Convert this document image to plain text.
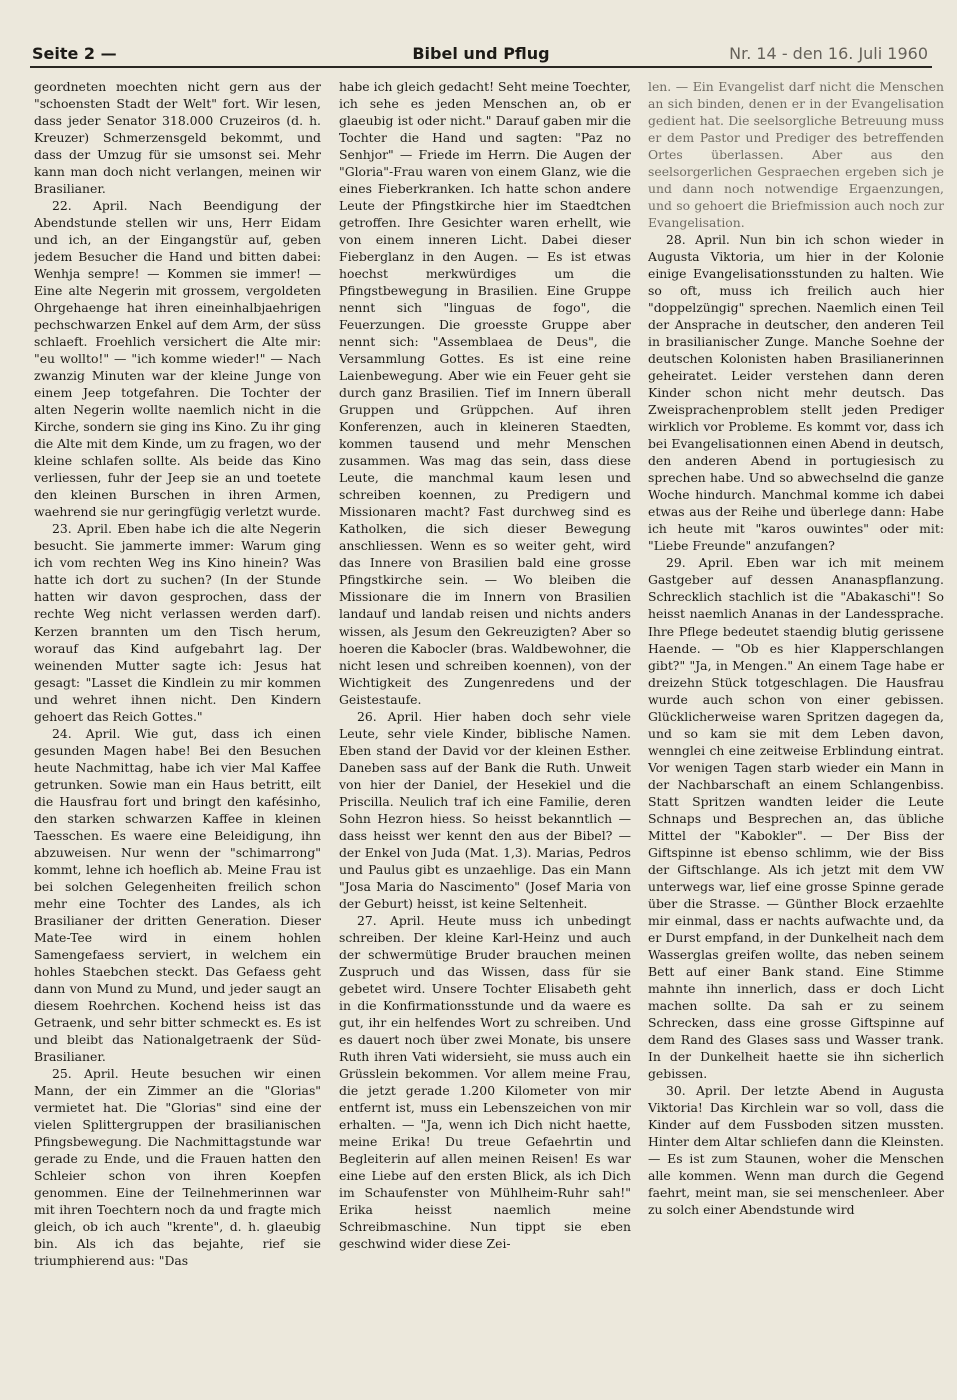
Seite 2 —	Bibel und Pflug	Nr. 14 - den 16. Juli 1960

geordneten moechten nicht gern aus der "schoensten Stadt der Welt" fort. Wir lesen, dass jeder Senator 318.000 Cruzeiros (d. h. Kreuzer) Schmerzensgeld bekommt, und dass der Umzug für sie umsonst sei. Mehr kann man doch nicht verlangen, meinen wir Brasilianer.

22. April. Nach Beendigung der Abendstunde stellen wir uns, Herr Eidam und ich, an der Eingangstür auf, geben jedem Besucher die Hand und bitten dabei: Wenhja sempre! — Kommen sie immer! — Eine alte Negerin mit grossem, vergoldeten Ohrgehaenge hat ihren eineinhalbjaehrigen pechschwarzen Enkel auf dem Arm, der süss schlaeft. Froehlich versichert die Alte mir: "eu wollto!" — "ich komme wieder!" — Nach zwanzig Minuten war der kleine Junge von einem Jeep totgefahren. Die Tochter der alten Negerin wollte naemlich nicht in die Kirche, sondern sie ging ins Kino. Zu ihr ging die Alte mit dem Kinde, um zu fragen, wo der kleine schlafen sollte. Als beide das Kino verliessen, fuhr der Jeep sie an und toetete den kleinen Burschen in ihren Armen, waehrend sie nur geringfügig verletzt wurde.

23. April. Eben habe ich die alte Negerin besucht. Sie jammerte immer: Warum ging ich vom rechten Weg ins Kino hinein? Was hatte ich dort zu suchen? (In der Stunde hatten wir davon gesprochen, dass der rechte Weg nicht verlassen werden darf). Kerzen brannten um den Tisch herum, worauf das Kind aufgebahrt lag. Der weinenden Mutter sagte ich: Jesus hat gesagt: "Lasset die Kindlein zu mir kommen und wehret ihnen nicht. Den Kindern gehoert das Reich Gottes."

24. April. Wie gut, dass ich einen gesunden Magen habe! Bei den Besuchen heute Nachmittag, habe ich vier Mal Kaffee getrunken. Sowie man ein Haus betritt, eilt die Hausfrau fort und bringt den kafésinho, den starken schwarzen Kaffee in kleinen Taesschen. Es waere eine Beleidigung, ihn abzuweisen. Nur wenn der "schimarrong" kommt, lehne ich hoeflich ab. Meine Frau ist bei solchen Gelegenheiten freilich schon mehr eine Tochter des Landes, als ich Brasilianer der dritten Generation. Dieser Mate-Tee wird in einem hohlen Samengefaess serviert, in welchem ein hohles Staebchen steckt. Das Gefaess geht dann von Mund zu Mund, und jeder saugt an diesem Roehrchen. Kochend heiss ist das Getraenk, und sehr bitter schmeckt es. Es ist und bleibt das Nationalgetraenk der Süd-Brasilianer.

25. April. Heute besuchen wir einen Mann, der ein Zimmer an die "Glorias" vermietet hat. Die "Glorias" sind eine der vielen Splittergruppen der brasilianischen Pfingsbewegung. Die Nachmittagstunde war gerade zu Ende, und die Frauen hatten den Schleier schon von ihren Koepfen genommen. Eine der Teilnehmerinnen war mit ihren Toechtern noch da und fragte mich gleich, ob ich auch "krente", d. h. glaeubig bin. Als ich das bejahte, rief sie triumphierend aus: "Das

habe ich gleich gedacht! Seht meine Toechter, ich sehe es jeden Menschen an, ob er glaeubig ist oder nicht." Darauf gaben mir die Tochter die Hand und sagten: "Paz no Senhjor" — Friede im Herrn. Die Augen der "Gloria"-Frau waren von einem Glanz, wie die eines Fieberkranken. Ich hatte schon andere Leute der Pfingstkirche hier im Staedtchen getroffen. Ihre Gesichter waren erhellt, wie von einem inneren Licht. Dabei dieser Fieberglanz in den Augen. — Es ist etwas hoechst merkwürdiges um die Pfingstbewegung in Brasilien. Eine Gruppe nennt sich "linguas de fogo", die Feuerzungen. Die groesste Gruppe aber nennt sich: "Assemblaea de Deus", die Versammlung Gottes. Es ist eine reine Laienbewegung. Aber wie ein Feuer geht sie durch ganz Brasilien. Tief im Innern überall Gruppen und Grüppchen. Auf ihren Konferenzen, auch in kleineren Staedten, kommen tausend und mehr Menschen zusammen. Was mag das sein, dass diese Leute, die manchmal kaum lesen und schreiben koennen, zu Predigern und Missionaren macht? Fast durchweg sind es Katholken, die sich dieser Bewegung anschliessen. Wenn es so weiter geht, wird das Innere von Brasilien bald eine grosse Pfingstkirche sein. — Wo bleiben die Missionare die im Innern von Brasilien landauf und landab reisen und nichts anders wissen, als Jesum den Gekreuzigten? Aber so hoeren die Kabocler (bras. Waldbewohner, die nicht lesen und schreiben koennen), von der Wichtigkeit des Zungenredens und der Geistestaufe.

26. April. Hier haben doch sehr viele Leute, sehr viele Kinder, biblische Namen. Eben stand der David vor der kleinen Esther. Daneben sass auf der Bank die Ruth. Unweit von hier der Daniel, der Hesekiel und die Priscilla. Neulich traf ich eine Familie, deren Sohn Hezron hiess. So heisst bekanntlich — dass heisst wer kennt den aus der Bibel? — der Enkel von Juda (Mat. 1,3). Marias, Pedros und Paulus gibt es unzaehlige. Das ein Mann "Josa Maria do Nascimento" (Josef Maria von der Geburt) heisst, ist keine Seltenheit.

27. April. Heute muss ich unbedingt schreiben. Der kleine Karl-Heinz und auch der schwermütige Bruder brauchen meinen Zuspruch und das Wissen, dass für sie gebetet wird. Unsere Tochter Elisabeth geht in die Konfirmationsstunde und da waere es gut, ihr ein helfendes Wort zu schreiben. Und es dauert noch über zwei Monate, bis unsere Ruth ihren Vati widersieht, sie muss auch ein Grüsslein bekommen. Vor allem meine Frau, die jetzt gerade 1.200 Kilometer von mir entfernt ist, muss ein Lebenszeichen von mir erhalten. — "Ja, wenn ich Dich nicht haette, meine Erika! Du treue Gefaehrtin und Begleiterin auf allen meinen Reisen! Es war eine Liebe auf den ersten Blick, als ich Dich im Schaufenster von Mühlheim-Ruhr sah!" Erika heisst naemlich meine Schreibmaschine. Nun tippt sie eben geschwind wider diese Zei-

len. — Ein Evangelist darf nicht die Menschen an sich binden, denen er in der Evangelisation gedient hat. Die seelsorgliche Betreuung muss er dem Pastor und Prediger des betreffenden Ortes überlassen. Aber aus den seelsorgerlichen Gespraechen ergeben sich je und dann noch notwendige Ergaenzungen, und so gehoert die Briefmission auch noch zur Evangelisation.

28. April. Nun bin ich schon wieder in Augusta Viktoria, um hier in der Kolonie einige Evangelisationsstunden zu halten. Wie so oft, muss ich freilich auch hier "doppelzüngig" sprechen. Naemlich einen Teil der Ansprache in deutscher, den anderen Teil in brasilianischer Zunge. Manche Soehne der deutschen Kolonisten haben Brasilianerinnen geheiratet. Leider verstehen dann deren Kinder schon nicht mehr deutsch. Das Zweisprachenproblem stellt jeden Prediger wirklich vor Probleme. Es kommt vor, dass ich bei Evangelisationnen einen Abend in deutsch, den anderen Abend in portugiesisch zu sprechen habe. Und so abwechselnd die ganze Woche hindurch. Manchmal komme ich dabei etwas aus der Reihe und überlege dann: Habe ich heute mit "karos ouwintes" oder mit: "Liebe Freunde" anzufangen?

29. April. Eben war ich mit meinem Gastgeber auf dessen Ananaspflanzung. Schrecklich stachlich ist die "Abakaschi"! So heisst naemlich Ananas in der Landessprache. Ihre Pflege bedeutet staendig blutig gerissene Haende. — "Ob es hier Klapperschlangen gibt?" "Ja, in Mengen." An einem Tage habe er dreizehn Stück totgeschlagen. Die Hausfrau wurde auch schon von einer gebissen. Glücklicherweise waren Spritzen dagegen da, und so kam sie mit dem Leben davon, wennglei ch eine zeitweise Erblindung eintrat. Vor wenigen Tagen starb wieder ein Mann in der Nachbarschaft an einem Schlangenbiss. Statt Spritzen wandten leider die Leute Schnaps und Besprechen an, das übliche Mittel der "Kabokler". — Der Biss der Giftspinne ist ebenso schlimm, wie der Biss der Giftschlange. Als ich jetzt mit dem VW unterwegs war, lief eine grosse Spinne gerade über die Strasse. — Günther Block erzaehlte mir einmal, dass er nachts aufwachte und, da er Durst empfand, in der Dunkelheit nach dem Wasserglas greifen wollte, das neben seinem Bett auf einer Bank stand. Eine Stimme mahnte ihn innerlich, dass er doch Licht machen sollte. Da sah er zu seinem Schrecken, dass eine grosse Giftspinne auf dem Rand des Glases sass und Wasser trank. In der Dunkelheit haette sie ihn sicherlich gebissen.

30. April. Der letzte Abend in Augusta Viktoria! Das Kirchlein war so voll, dass die Kinder auf dem Fussboden sitzen mussten. Hinter dem Altar schliefen dann die Kleinsten. — Es ist zum Staunen, woher die Menschen alle kommen. Wenn man durch die Gegend faehrt, meint man, sie sei menschenleer. Aber zu solch einer Abendstunde wird
